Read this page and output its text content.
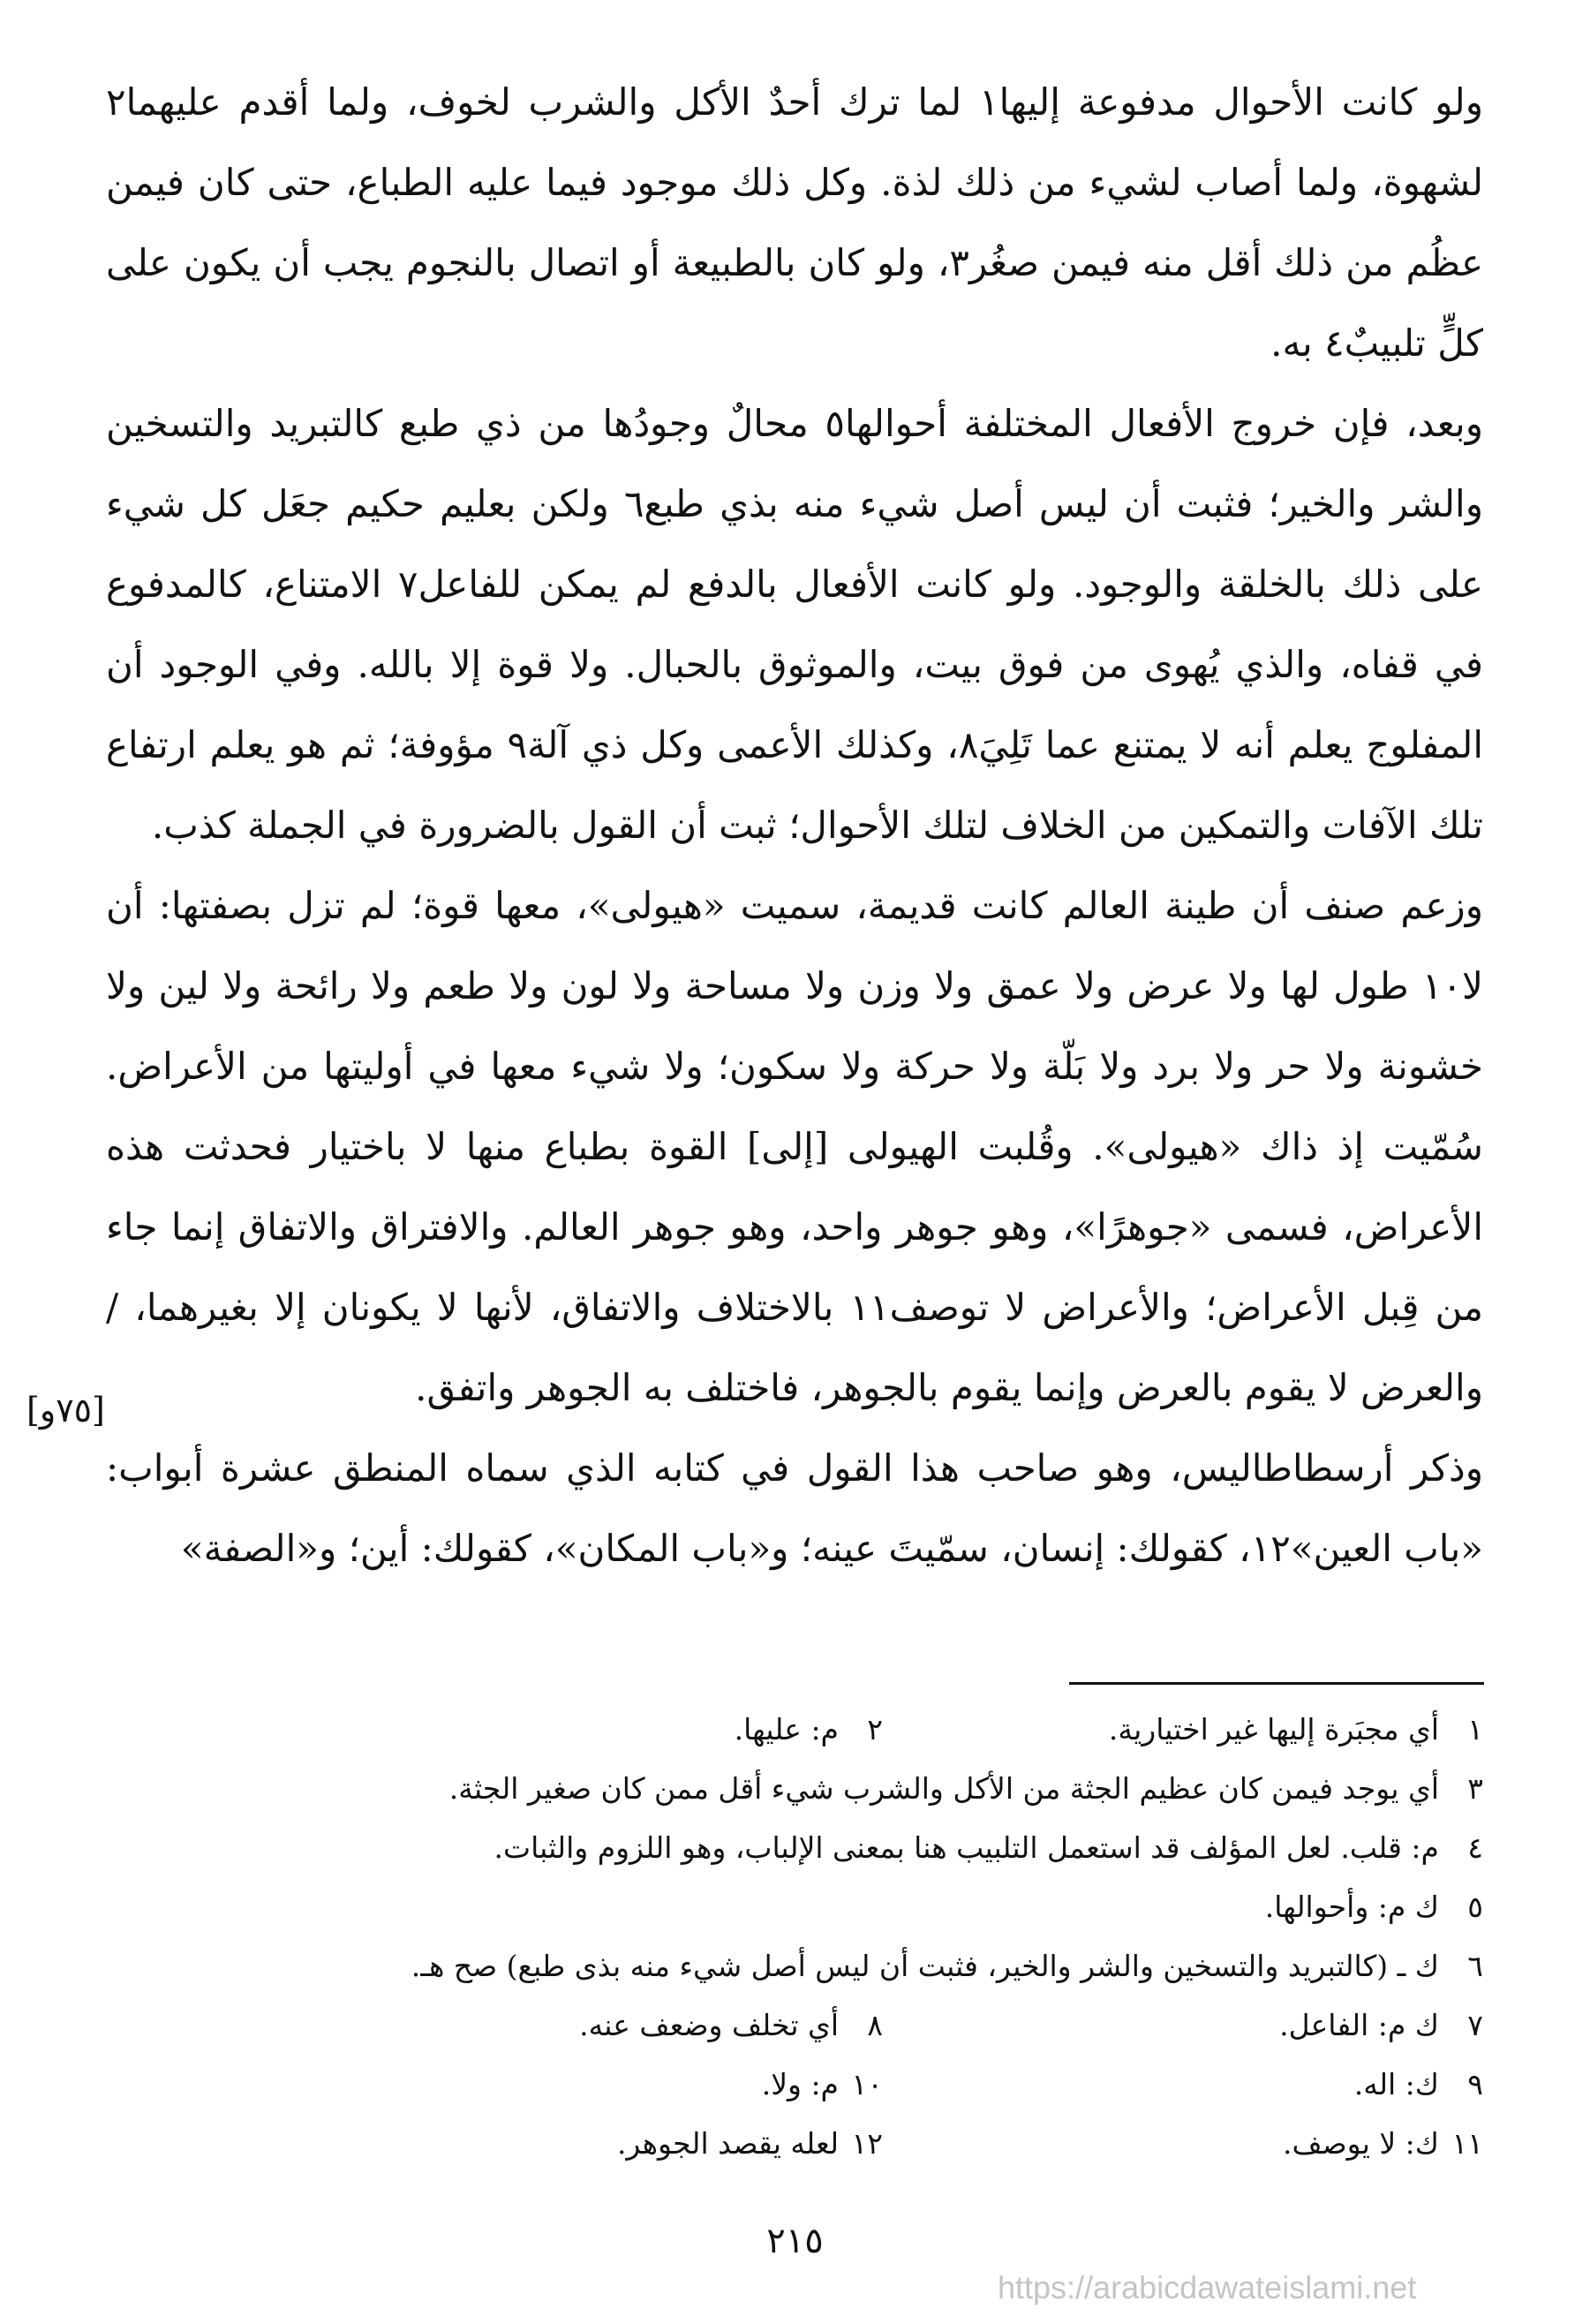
ولو كانت الأحوال مدفوعة إليها١ لما ترك أحدٌ الأكل والشرب لخوف، ولما أقدم عليهما٢ لشهوة، ولما أصاب لشيء من ذلك لذة. وكل ذلك موجود فيما عليه الطباع، حتى كان فيمن عظُم من ذلك أقل منه فيمن صغُر٣، ولو كان بالطبيعة أو اتصال بالنجوم يجب أن يكون على كلٍّ تلبيبٌ٤ به.

وبعد، فإن خروج الأفعال المختلفة أحوالها٥ محالٌ وجودُها من ذي طبع كالتبريد والتسخين والشر والخير؛ فثبت أن ليس أصل شيء منه بذي طبع٦ ولكن بعليم حكيم جعَل كل شيء على ذلك بالخلقة والوجود. ولو كانت الأفعال بالدفع لم يمكن للفاعل٧ الامتناع، كالمدفوع في قفاه، والذي يُهوى من فوق بيت، والموثوق بالحبال. ولا قوة إلا بالله. وفي الوجود أن المفلوج يعلم أنه لا يمتنع عما تَلِيَ٨، وكذلك الأعمى وكل ذي آلة٩ مؤوفة؛ ثم هو يعلم ارتفاع تلك الآفات والتمكين من الخلاف لتلك الأحوال؛ ثبت أن القول بالضرورة في الجملة كذب.

وزعم صنف أن طينة العالم كانت قديمة، سميت «هيولى»، معها قوة؛ لم تزل بصفتها: أن لا١٠ طول لها ولا عرض ولا عمق ولا وزن ولا مساحة ولا لون ولا طعم ولا رائحة ولا لين ولا خشونة ولا حر ولا برد ولا بَلّة ولا حركة ولا سكون؛ ولا شيء معها في أوليتها من الأعراض. سُمّيت إذ ذاك «هيولى». وقُلبت الهيولى [إلى] القوة بطباع منها لا باختيار فحدثت هذه الأعراض، فسمى «جوهرًا»، وهو جوهر واحد، وهو جوهر العالم. والافتراق والاتفاق إنما جاء من قِبل الأعراض؛ والأعراض لا توصف١١ بالاختلاف والاتفاق، لأنها لا يكونان إلا بغيرهما، / والعرض لا يقوم بالعرض وإنما يقوم بالجوهر، فاختلف به الجوهر واتفق.

وذكر أرسطاطاليس، وهو صاحب هذا القول في كتابه الذي سماه المنطق عشرة أبواب: «باب العين»١٢، كقولك: إنسان، سمّيتَ عينه؛ و«باب المكان»، كقولك: أين؛ و«الصفة»

[٧٥و]
١
أي مجبَرة إليها غير اختيارية.
٢
م: عليها.
٣
أي يوجد فيمن كان عظيم الجثة من الأكل والشرب شيء أقل ممن كان صغير الجثة.
٤
م: قلب. لعل المؤلف قد استعمل التلبيب هنا بمعنى الإلباب، وهو اللزوم والثبات.
٥
ك م: وأحوالها.
٦
ك ـ (كالتبريد والتسخين والشر والخير، فثبت أن ليس أصل شيء منه بذى طبع) صح هـ.
٧
ك م: الفاعل.
٨
أي تخلف وضعف عنه.
٩
ك: اله.
١٠
م: ولا.
١١
ك: لا يوصف.
١٢
لعله يقصد الجوهر.
٢١٥
https://arabicdawateislami.net
